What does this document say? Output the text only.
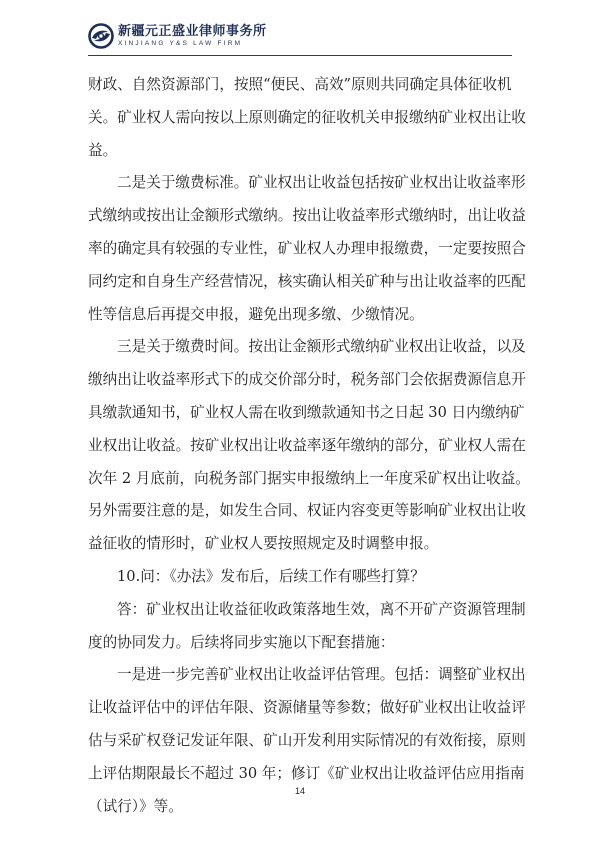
新疆元正盛业律师事务所
XINJIANG Y&S LAW FIRM
财政、自然资源部门，按照“便民、高效”原则共同确定具体征收机
关。矿业权人需向按以上原则确定的征收机关申报缴纳矿业权出让收
益。
二是关于缴费标准。矿业权出让收益包括按矿业权出让收益率形
式缴纳或按出让金额形式缴纳。按出让收益率形式缴纳时，出让收益
率的确定具有较强的专业性，矿业权人办理申报缴费，一定要按照合
同约定和自身生产经营情况，核实确认相关矿种与出让收益率的匹配
性等信息后再提交申报，避免出现多缴、少缴情况。
三是关于缴费时间。按出让金额形式缴纳矿业权出让收益，以及
缴纳出让收益率形式下的成交价部分时，税务部门会依据费源信息开
具缴款通知书，矿业权人需在收到缴款通知书之日起 30 日内缴纳矿
业权出让收益。按矿业权出让收益率逐年缴纳的部分，矿业权人需在
次年 2 月底前，向税务部门据实申报缴纳上一年度采矿权出让收益。
另外需要注意的是，如发生合同、权证内容变更等影响矿业权出让收
益征收的情形时，矿业权人要按照规定及时调整申报。
10.问：《办法》发布后，后续工作有哪些打算？
答：矿业权出让收益征收政策落地生效，离不开矿产资源管理制
度的协同发力。后续将同步实施以下配套措施：
一是进一步完善矿业权出让收益评估管理。包括：调整矿业权出
让收益评估中的评估年限、资源储量等参数；做好矿业权出让收益评
估与采矿权登记发证年限、矿山开发利用实际情况的有效衔接，原则
上评估期限最长不超过 30 年；修订《矿业权出让收益评估应用指南
（试行）》等。
14
